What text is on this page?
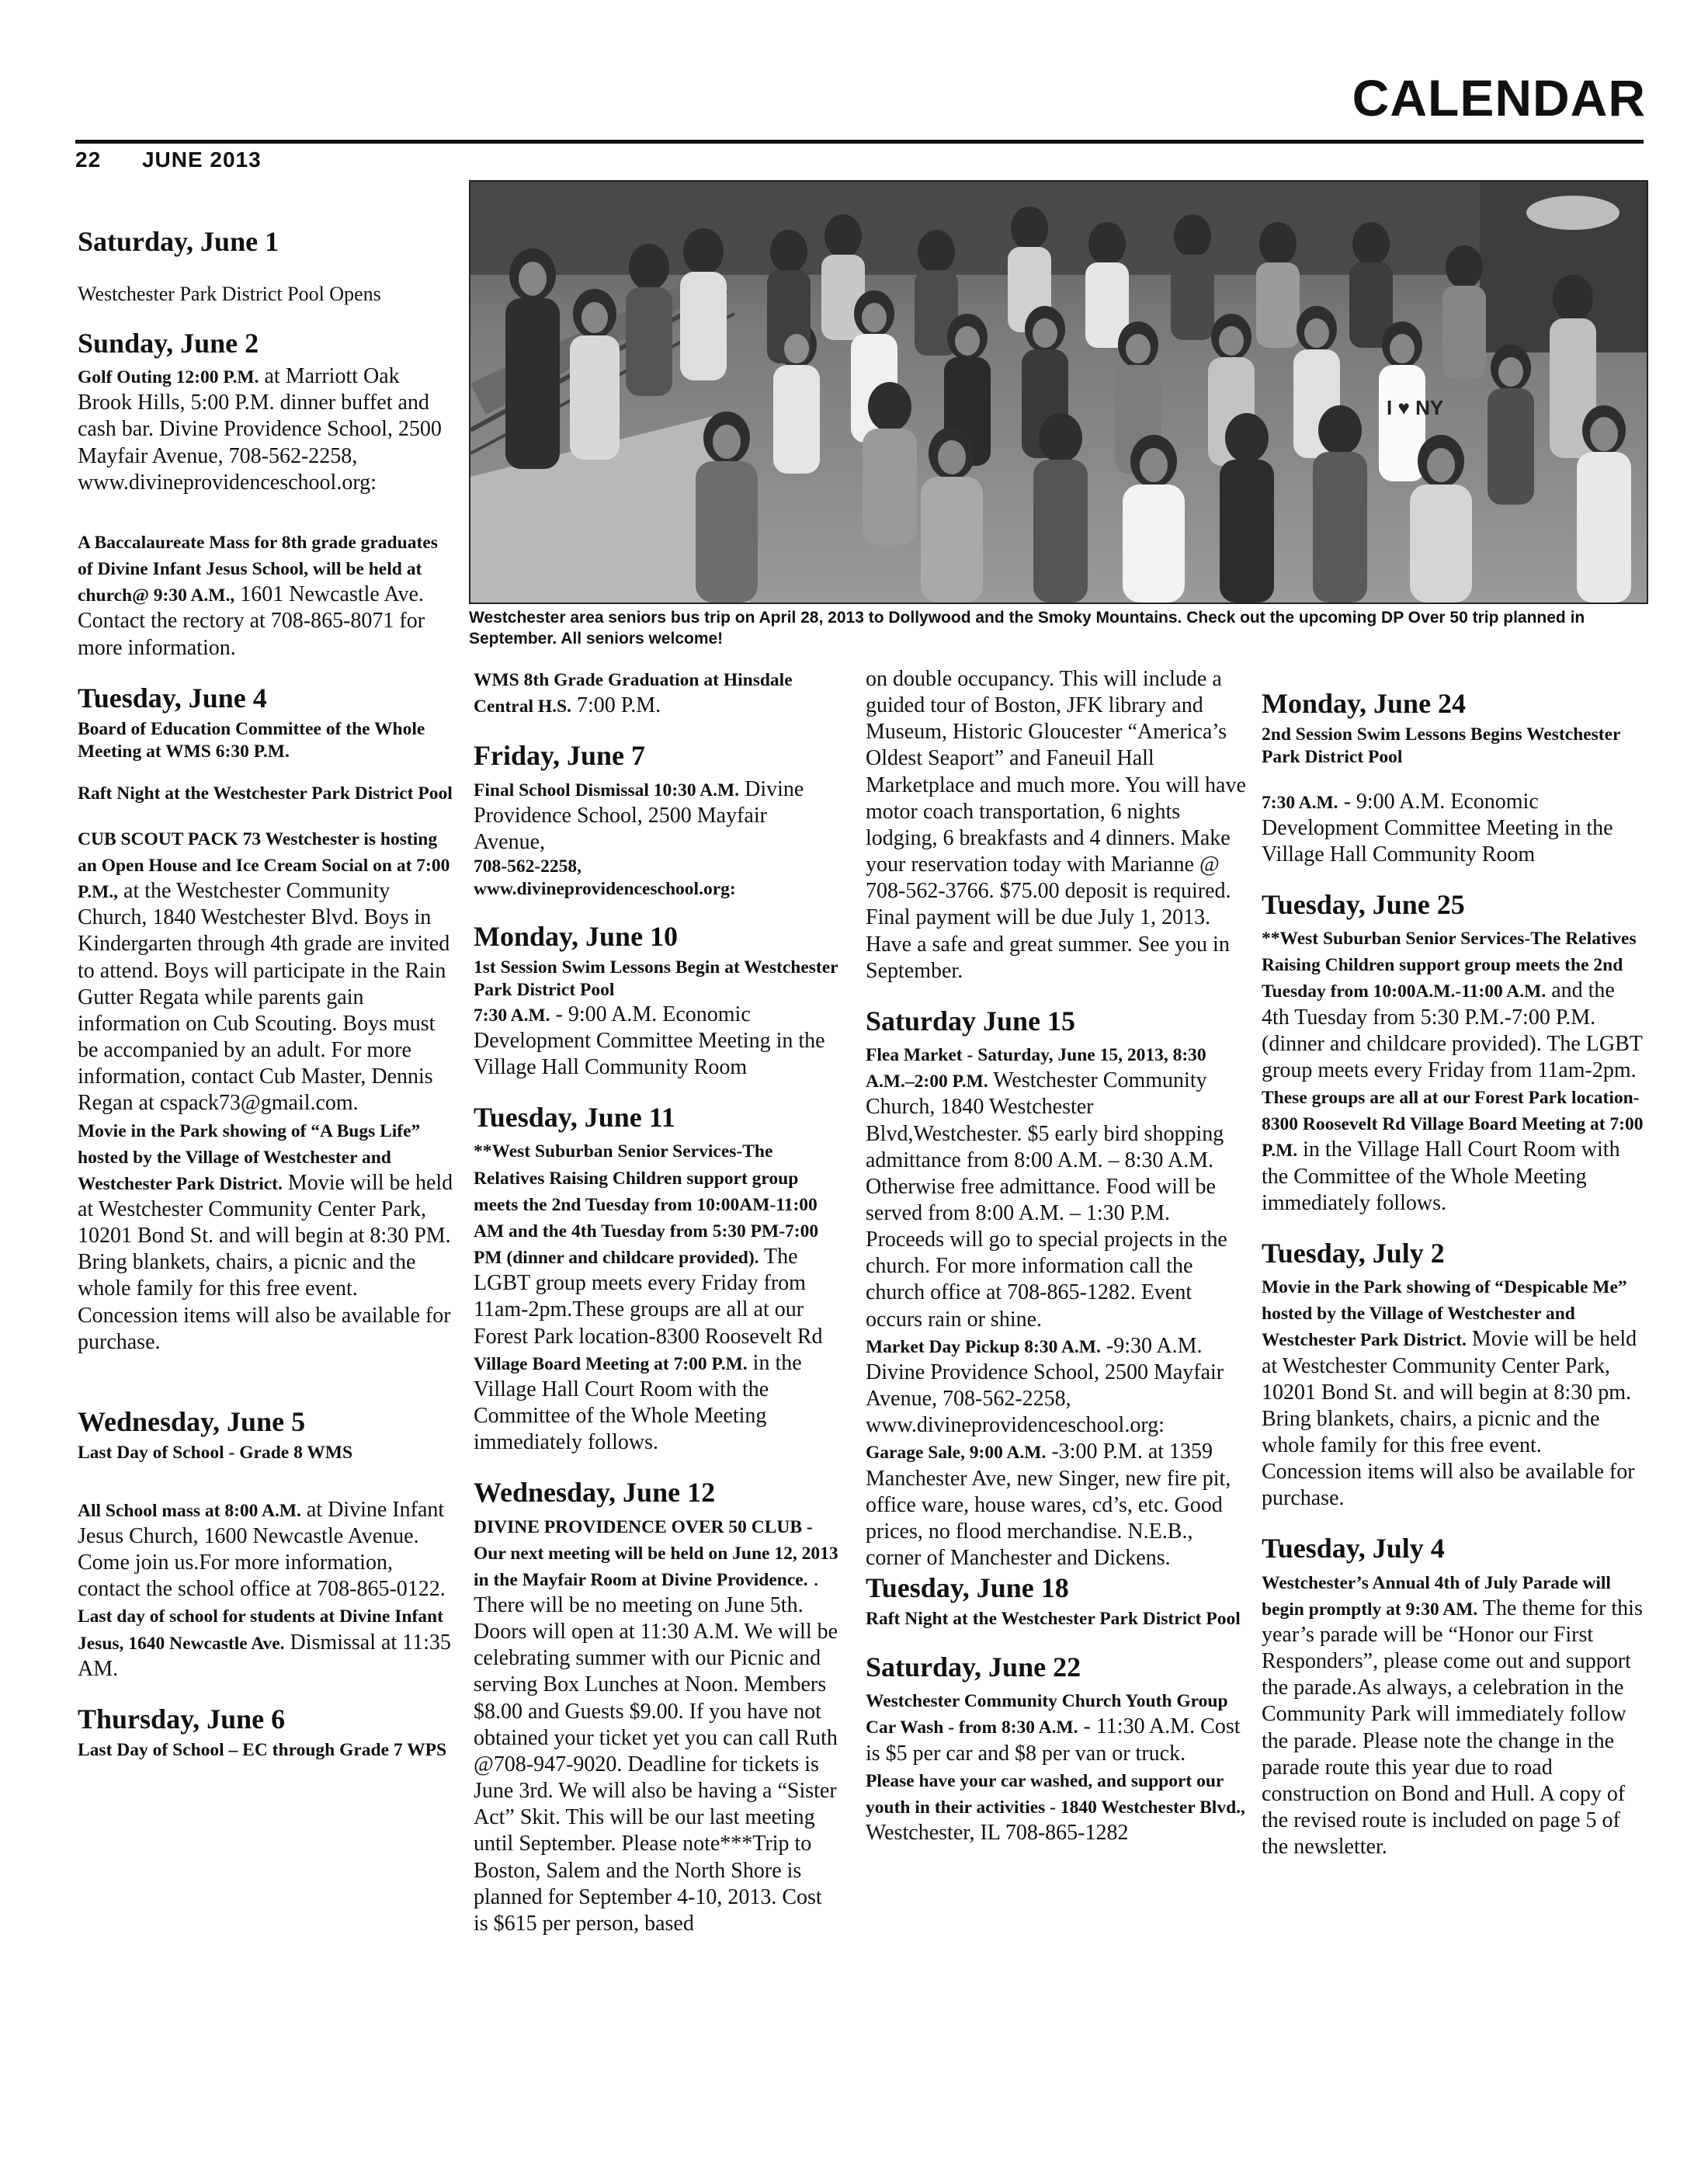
CALENDAR
22 JUNE 2013
I ♥ NY
Westchester area seniors bus trip on April 28, 2013 to Dollywood and the Smoky Mountains. Check out the upcoming DP Over 50 trip planned in September. All seniors welcome!
Saturday, June 1

Westchester Park District Pool Opens

Sunday, June 2

Golf Outing 12:00 P.M. at Marriott Oak Brook Hills, 5:00 P.M. dinner buffet and cash bar. Divine Providence School, 2500 Mayfair Avenue, 708-562-2258, www.divineprovidenceschool.org:

A Baccalaureate Mass for 8th grade graduates of Divine Infant Jesus School, will be held at church@ 9:30 A.M., 1601 Newcastle Ave. Contact the rectory at 708-865-8071 for more information.

Tuesday, June 4

Board of Education Committee of the Whole Meeting at WMS 6:30 P.M.

Raft Night at the Westchester Park District Pool

CUB SCOUT PACK 73 Westchester is hosting an Open House and Ice Cream Social on at 7:00 P.M., at the Westchester Community Church, 1840 Westchester Blvd. Boys in Kindergarten through 4th grade are invited to attend. Boys will participate in the Rain Gutter Regata while parents gain information on Cub Scouting. Boys must be accompanied by an adult. For more information, contact Cub Master, Dennis Regan at cspack73@gmail.com.

Movie in the Park showing of “A Bugs Life” hosted by the Village of Westchester and Westchester Park District. Movie will be held at Westchester Community Center Park, 10201 Bond St. and will begin at 8:30 PM. Bring blankets, chairs, a picnic and the whole family for this free event. Concession items will also be available for purchase.

Wednesday, June 5

Last Day of School - Grade 8 WMS

All School mass at 8:00 A.M. at Divine Infant Jesus Church, 1600 Newcastle Avenue. Come join us.For more information, contact the school office at 708-865-0122.

Last day of school for students at Divine Infant Jesus, 1640 Newcastle Ave. Dismissal at 11:35 AM.

Thursday, June 6

Last Day of School – EC through Grade 7 WPS

WMS 8th Grade Graduation at Hinsdale Central H.S. 7:00 P.M.

Friday, June 7

Final School Dismissal 10:30 A.M. Divine Providence School, 2500 Mayfair Avenue,

708-562-2258, www.divineprovidenceschool.org:

Monday, June 10

1st Session Swim Lessons Begin at Westchester Park District Pool

7:30 A.M. - 9:00 A.M. Economic Development Committee Meeting in the Village Hall Community Room

Tuesday, June 11

**West Suburban Senior Services-The Relatives Raising Children support group meets the 2nd Tuesday from 10:00AM-11:00 AM and the 4th Tuesday from 5:30 PM-7:00 PM (dinner and childcare provided). The LGBT group meets every Friday from 11am-2pm.These groups are all at our Forest Park location-8300 Roosevelt Rd

Village Board Meeting at 7:00 P.M. in the Village Hall Court Room with the Committee of the Whole Meeting immediately follows.

Wednesday, June 12

DIVINE PROVIDENCE OVER 50 CLUB - Our next meeting will be held on June 12, 2013 in the Mayfair Room at Divine Providence. . There will be no meeting on June 5th. Doors will open at 11:30 A.M. We will be celebrating summer with our Picnic and serving Box Lunches at Noon. Members $8.00 and Guests $9.00. If you have not obtained your ticket yet you can call Ruth @708-947-9020. Deadline for tickets is June 3rd. We will also be having a “Sister Act” Skit. This will be our last meeting until September. Please note***Trip to Boston, Salem and the North Shore is planned for September 4-10, 2013. Cost is $615 per person, based

on double occupancy. This will include a guided tour of Boston, JFK library and Museum, Historic Gloucester “America’s Oldest Seaport” and Faneuil Hall Marketplace and much more. You will have motor coach transportation, 6 nights lodging, 6 breakfasts and 4 dinners. Make your reservation today with Marianne @ 708-562-3766. $75.00 deposit is required. Final payment will be due July 1, 2013. Have a safe and great summer. See you in September.

Saturday June 15

Flea Market - Saturday, June 15, 2013, 8:30 A.M.–2:00 P.M. Westchester Community Church, 1840 Westchester Blvd,Westchester. $5 early bird shopping admittance from 8:00 A.M. – 8:30 A.M. Otherwise free admittance. Food will be served from 8:00 A.M. – 1:30 P.M. Proceeds will go to special projects in the church. For more information call the church office at 708-865-1282. Event occurs rain or shine.

Market Day Pickup 8:30 A.M. -9:30 A.M. Divine Providence School, 2500 Mayfair Avenue, 708-562-2258, www.divineprovidenceschool.org:

Garage Sale, 9:00 A.M. -3:00 P.M. at 1359 Manchester Ave, new Singer, new fire pit, office ware, house wares, cd’s, etc. Good prices, no flood merchandise. N.E.B., corner of Manchester and Dickens.

Tuesday, June 18

Raft Night at the Westchester Park District Pool

Saturday, June 22

Westchester Community Church Youth Group Car Wash - from 8:30 A.M. - 11:30 A.M. Cost is $5 per car and $8 per van or truck.

Please have your car washed, and support our youth in their activities - 1840 Westchester Blvd., Westchester, IL 708-865-1282

Monday, June 24

2nd Session Swim Lessons Begins Westchester Park District Pool

7:30 A.M. - 9:00 A.M. Economic Development Committee Meeting in the Village Hall Community Room

Tuesday, June 25

**West Suburban Senior Services-The Relatives Raising Children support group meets the 2nd Tuesday from 10:00A.M.-11:00 A.M. and the 4th Tuesday from 5:30 P.M.-7:00 P.M. (dinner and childcare provided). The LGBT group meets every Friday from 11am-2pm.

These groups are all at our Forest Park location-8300 Roosevelt Rd Village Board Meeting at 7:00 P.M. in the Village Hall Court Room with the Committee of the Whole Meeting immediately follows.

Tuesday, July 2

Movie in the Park showing of “Despicable Me” hosted by the Village of Westchester and Westchester Park District. Movie will be held at Westchester Community Center Park, 10201 Bond St. and will begin at 8:30 pm. Bring blankets, chairs, a picnic and the whole family for this free event. Concession items will also be available for purchase.

Tuesday, July 4

Westchester’s Annual 4th of July Parade will begin promptly at 9:30 AM. The theme for this year’s parade will be “Honor our First Responders”, please come out and support the parade.As always, a celebration in the Community Park will immediately follow the parade. Please note the change in the parade route this year due to road construction on Bond and Hull. A copy of the revised route is included on page 5 of the newsletter.
